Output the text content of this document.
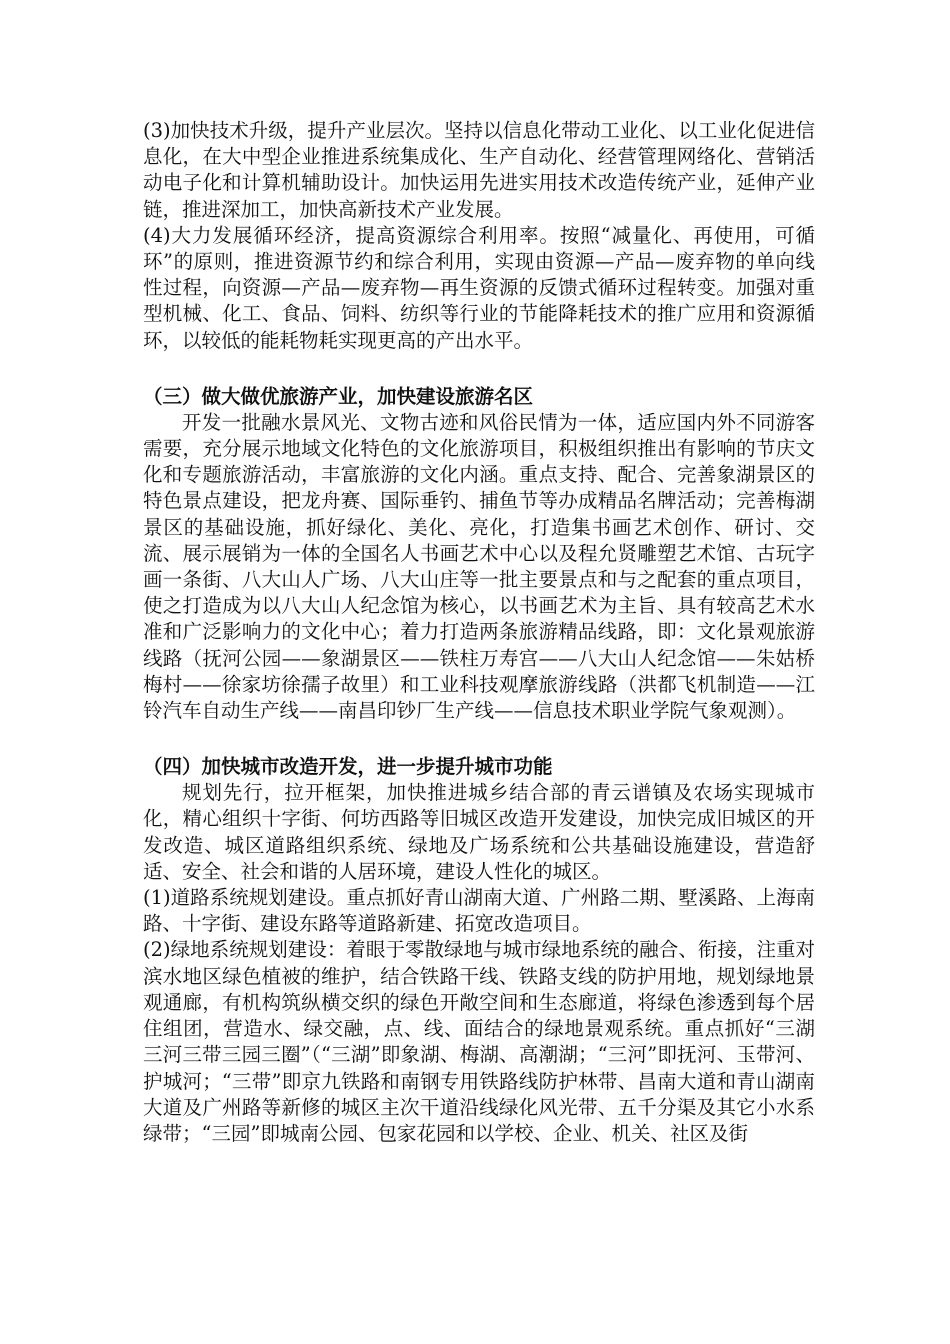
(3)加快技术升级，提升产业层次。坚持以信息化带动工业化、以工业化促进信息化，在大中型企业推进系统集成化、生产自动化、经营管理网络化、营销活动电子化和计算机辅助设计。加快运用先进实用技术改造传统产业，延伸产业链，推进深加工，加快高新技术产业发展。

(4)大力发展循环经济，提高资源综合利用率。按照“减量化、再使用，可循环”的原则，推进资源节约和综合利用，实现由资源—产品—废弃物的单向线性过程，向资源—产品—废弃物—再生资源的反馈式循环过程转变。加强对重型机械、化工、食品、饲料、纺织等行业的节能降耗技术的推广应用和资源循环，以较低的能耗物耗实现更高的产出水平。

（三）做大做优旅游产业，加快建设旅游名区

开发一批融水景风光、文物古迹和风俗民情为一体，适应国内外不同游客需要，充分展示地域文化特色的文化旅游项目，积极组织推出有影响的节庆文化和专题旅游活动，丰富旅游的文化内涵。重点支持、配合、完善象湖景区的特色景点建设，把龙舟赛、国际垂钓、捕鱼节等办成精品名牌活动；完善梅湖景区的基础设施，抓好绿化、美化、亮化，打造集书画艺术创作、研讨、交流、展示展销为一体的全国名人书画艺术中心以及程允贤雕塑艺术馆、古玩字画一条街、八大山人广场、八大山庄等一批主要景点和与之配套的重点项目，使之打造成为以八大山人纪念馆为核心，以书画艺术为主旨、具有较高艺术水准和广泛影响力的文化中心；着力打造两条旅游精品线路，即：文化景观旅游线路（抚河公园——象湖景区——铁柱万寿宫——八大山人纪念馆——朱姑桥梅村——徐家坊徐孺子故里）和工业科技观摩旅游线路（洪都飞机制造——江铃汽车自动生产线——南昌印钞厂生产线——信息技术职业学院气象观测）。

（四）加快城市改造开发，进一步提升城市功能

规划先行，拉开框架，加快推进城乡结合部的青云谱镇及农场实现城市化，精心组织十字街、何坊西路等旧城区改造开发建设，加快完成旧城区的开发改造、城区道路组织系统、绿地及广场系统和公共基础设施建设，营造舒适、安全、社会和谐的人居环境，建设人性化的城区。

(1)道路系统规划建设。重点抓好青山湖南大道、广州路二期、墅溪路、上海南路、十字街、建设东路等道路新建、拓宽改造项目。

(2)绿地系统规划建设：着眼于零散绿地与城市绿地系统的融合、衔接，注重对滨水地区绿色植被的维护，结合铁路干线、铁路支线的防护用地，规划绿地景观通廊，有机构筑纵横交织的绿色开敞空间和生态廊道，将绿色渗透到每个居住组团，营造水、绿交融，点、线、面结合的绿地景观系统。重点抓好“三湖三河三带三园三圈”（“三湖”即象湖、梅湖、高潮湖；“三河”即抚河、玉带河、护城河；“三带”即京九铁路和南钢专用铁路线防护林带、昌南大道和青山湖南大道及广州路等新修的城区主次干道沿线绿化风光带、五千分渠及其它小水系绿带；“三园”即城南公园、包家花园和以学校、企业、机关、社区及街
